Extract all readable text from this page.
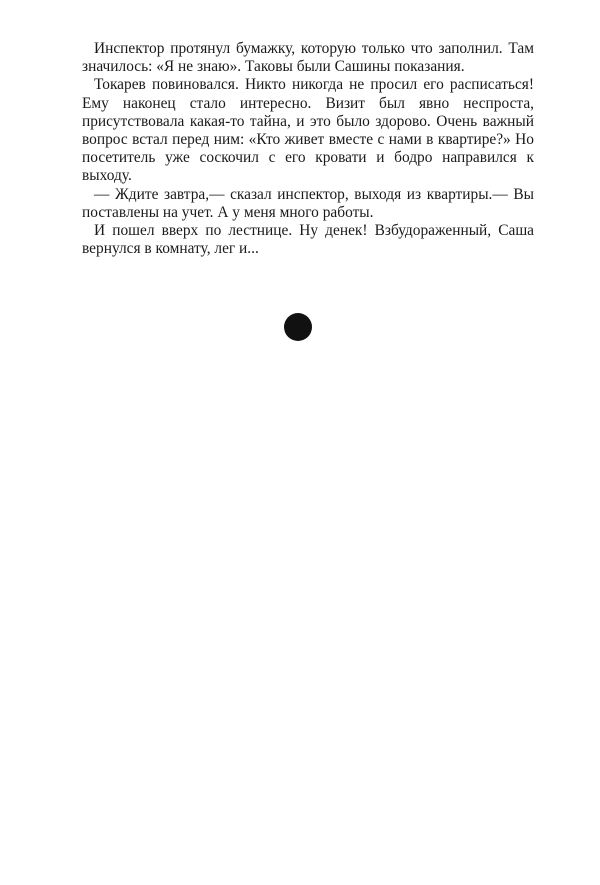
Инспектор протянул бумажку, которую только что заполнил. Там значилось: «Я не знаю». Таковы были Сашины показания.

Токарев повиновался. Никто никогда не просил его расписаться! Ему наконец стало интересно. Визит был явно неспроста, присутствовала какая-то тайна, и это было здорово. Очень важный вопрос встал перед ним: «Кто живет вместе с нами в квартире?» Но посетитель уже соскочил с его кровати и бодро направился к выходу.

— Ждите завтра,— сказал инспектор, выходя из квартиры.— Вы поставлены на учет. А у меня много работы.

И пошел вверх по лестнице. Ну денек! Взбудораженный, Саша вернулся в комнату, лег и...
